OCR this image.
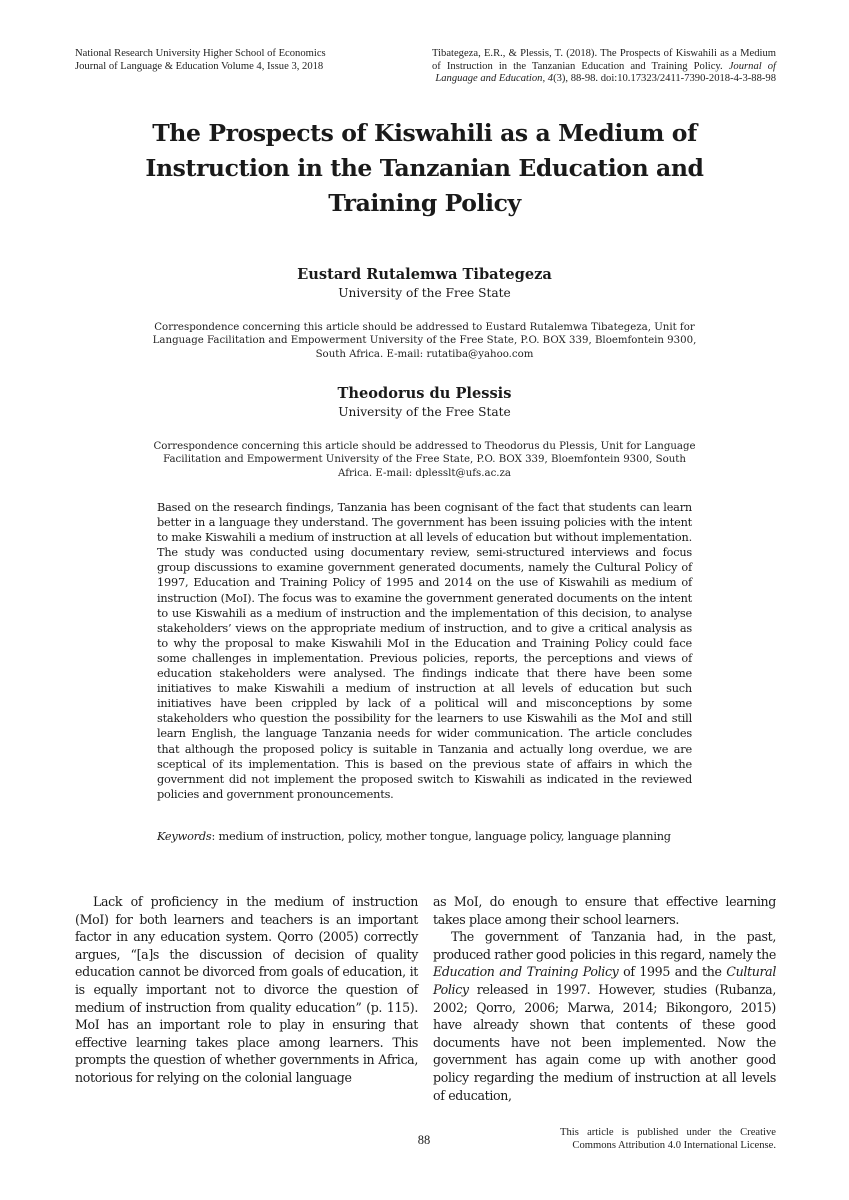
National Research University Higher School of Economics
Journal of Language & Education Volume 4, Issue 3, 2018
Tibategeza, E.R., & Plessis, T. (2018). The Prospects of Kiswahili as a Medium of Instruction in the Tanzanian Education and Training Policy. Journal of Language and Education, 4(3), 88-98. doi:10.17323/2411-7390-2018-4-3-88-98
The Prospects of Kiswahili as a Medium of Instruction in the Tanzanian Education and Training Policy
Eustard Rutalemwa Tibategeza
University of the Free State
Correspondence concerning this article should be addressed to Eustard Rutalemwa Tibategeza, Unit for Language Facilitation and Empowerment University of the Free State, P.O. BOX 339, Bloemfontein 9300, South Africa. E-mail: rutatiba@yahoo.com
Theodorus du Plessis
University of the Free State
Correspondence concerning this article should be addressed to Theodorus du Plessis, Unit for Language Facilitation and Empowerment University of the Free State, P.O. BOX 339, Bloemfontein 9300, South Africa. E-mail: dplesslt@ufs.ac.za

Based on the research findings, Tanzania has been cognisant of the fact that students can learn better in a language they understand. The government has been issuing policies with the intent to make Kiswahili a medium of instruction at all levels of education but without implementation. The study was conducted using documentary review, semi-structured interviews and focus group discussions to examine government generated documents, namely the Cultural Policy of 1997, Education and Training Policy of 1995 and 2014 on the use of Kiswahili as medium of instruction (MoI). The focus was to examine the government generated documents on the intent to use Kiswahili as a medium of instruction and the implementation of this decision, to analyse stakeholders’ views on the appropriate medium of instruction, and to give a critical analysis as to why the proposal to make Kiswahili MoI in the Education and Training Policy could face some challenges in implementation. Previous policies, reports, the perceptions and views of education stakeholders were analysed. The findings indicate that there have been some initiatives to make Kiswahili a medium of instruction at all levels of education but such initiatives have been crippled by lack of a political will and misconceptions by some stakeholders who question the possibility for the learners to use Kiswahili as the MoI and still learn English, the language Tanzania needs for wider communication. The article concludes that although the proposed policy is suitable in Tanzania and actually long overdue, we are sceptical of its implementation. This is based on the previous state of affairs in which the government did not implement the proposed switch to Kiswahili as indicated in the reviewed policies and government pronouncements.

Keywords: medium of instruction, policy, mother tongue, language policy, language planning

Lack of proficiency in the medium of instruction (MoI) for both learners and teachers is an important factor in any education system. Qorro (2005) correctly argues, “[a]s the discussion of decision of quality education cannot be divorced from goals of education, it is equally important not to divorce the question of medium of instruction from quality education” (p. 115). MoI has an important role to play in ensuring that effective learning takes place among learners. This prompts the question of whether governments in Africa, notorious for relying on the colonial language

as MoI, do enough to ensure that effective learning takes place among their school learners.

The government of Tanzania had, in the past, produced rather good policies in this regard, namely the Education and Training Policy of 1995 and the Cultural Policy released in 1997. However, studies (Rubanza, 2002; Qorro, 2006; Marwa, 2014; Bikongoro, 2015) have already shown that contents of these good documents have not been implemented. Now the government has again come up with another good policy regarding the medium of instruction at all levels of education,

88
This article is published under the Creative Commons Attribution 4.0 International License.
